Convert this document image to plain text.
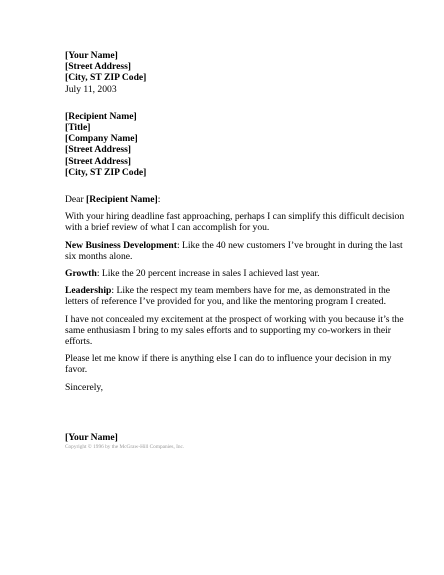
[Your Name]
[Street Address]
[City, ST ZIP Code]
July 11, 2003
[Recipient Name]
[Title]
[Company Name]
[Street Address]
[Street Address]
[City, ST ZIP Code]
Dear [Recipient Name]:
With your hiring deadline fast approaching, perhaps I can simplify this difficult decision
with a brief review of what I can accomplish for you.
New Business Development: Like the 40 new customers I’ve brought in during the last
six months alone.
Growth: Like the 20 percent increase in sales I achieved last year.
Leadership: Like the respect my team members have for me, as demonstrated in the
letters of reference I’ve provided for you, and like the mentoring program I created.
I have not concealed my excitement at the prospect of working with you because it’s the
same enthusiasm I bring to my sales efforts and to supporting my co-workers in their
efforts.
Please let me know if there is anything else I can do to influence your decision in my
favor.
Sincerely,
[Your Name]
Copyright © 1996 by the McGraw-Hill Companies, Inc.
